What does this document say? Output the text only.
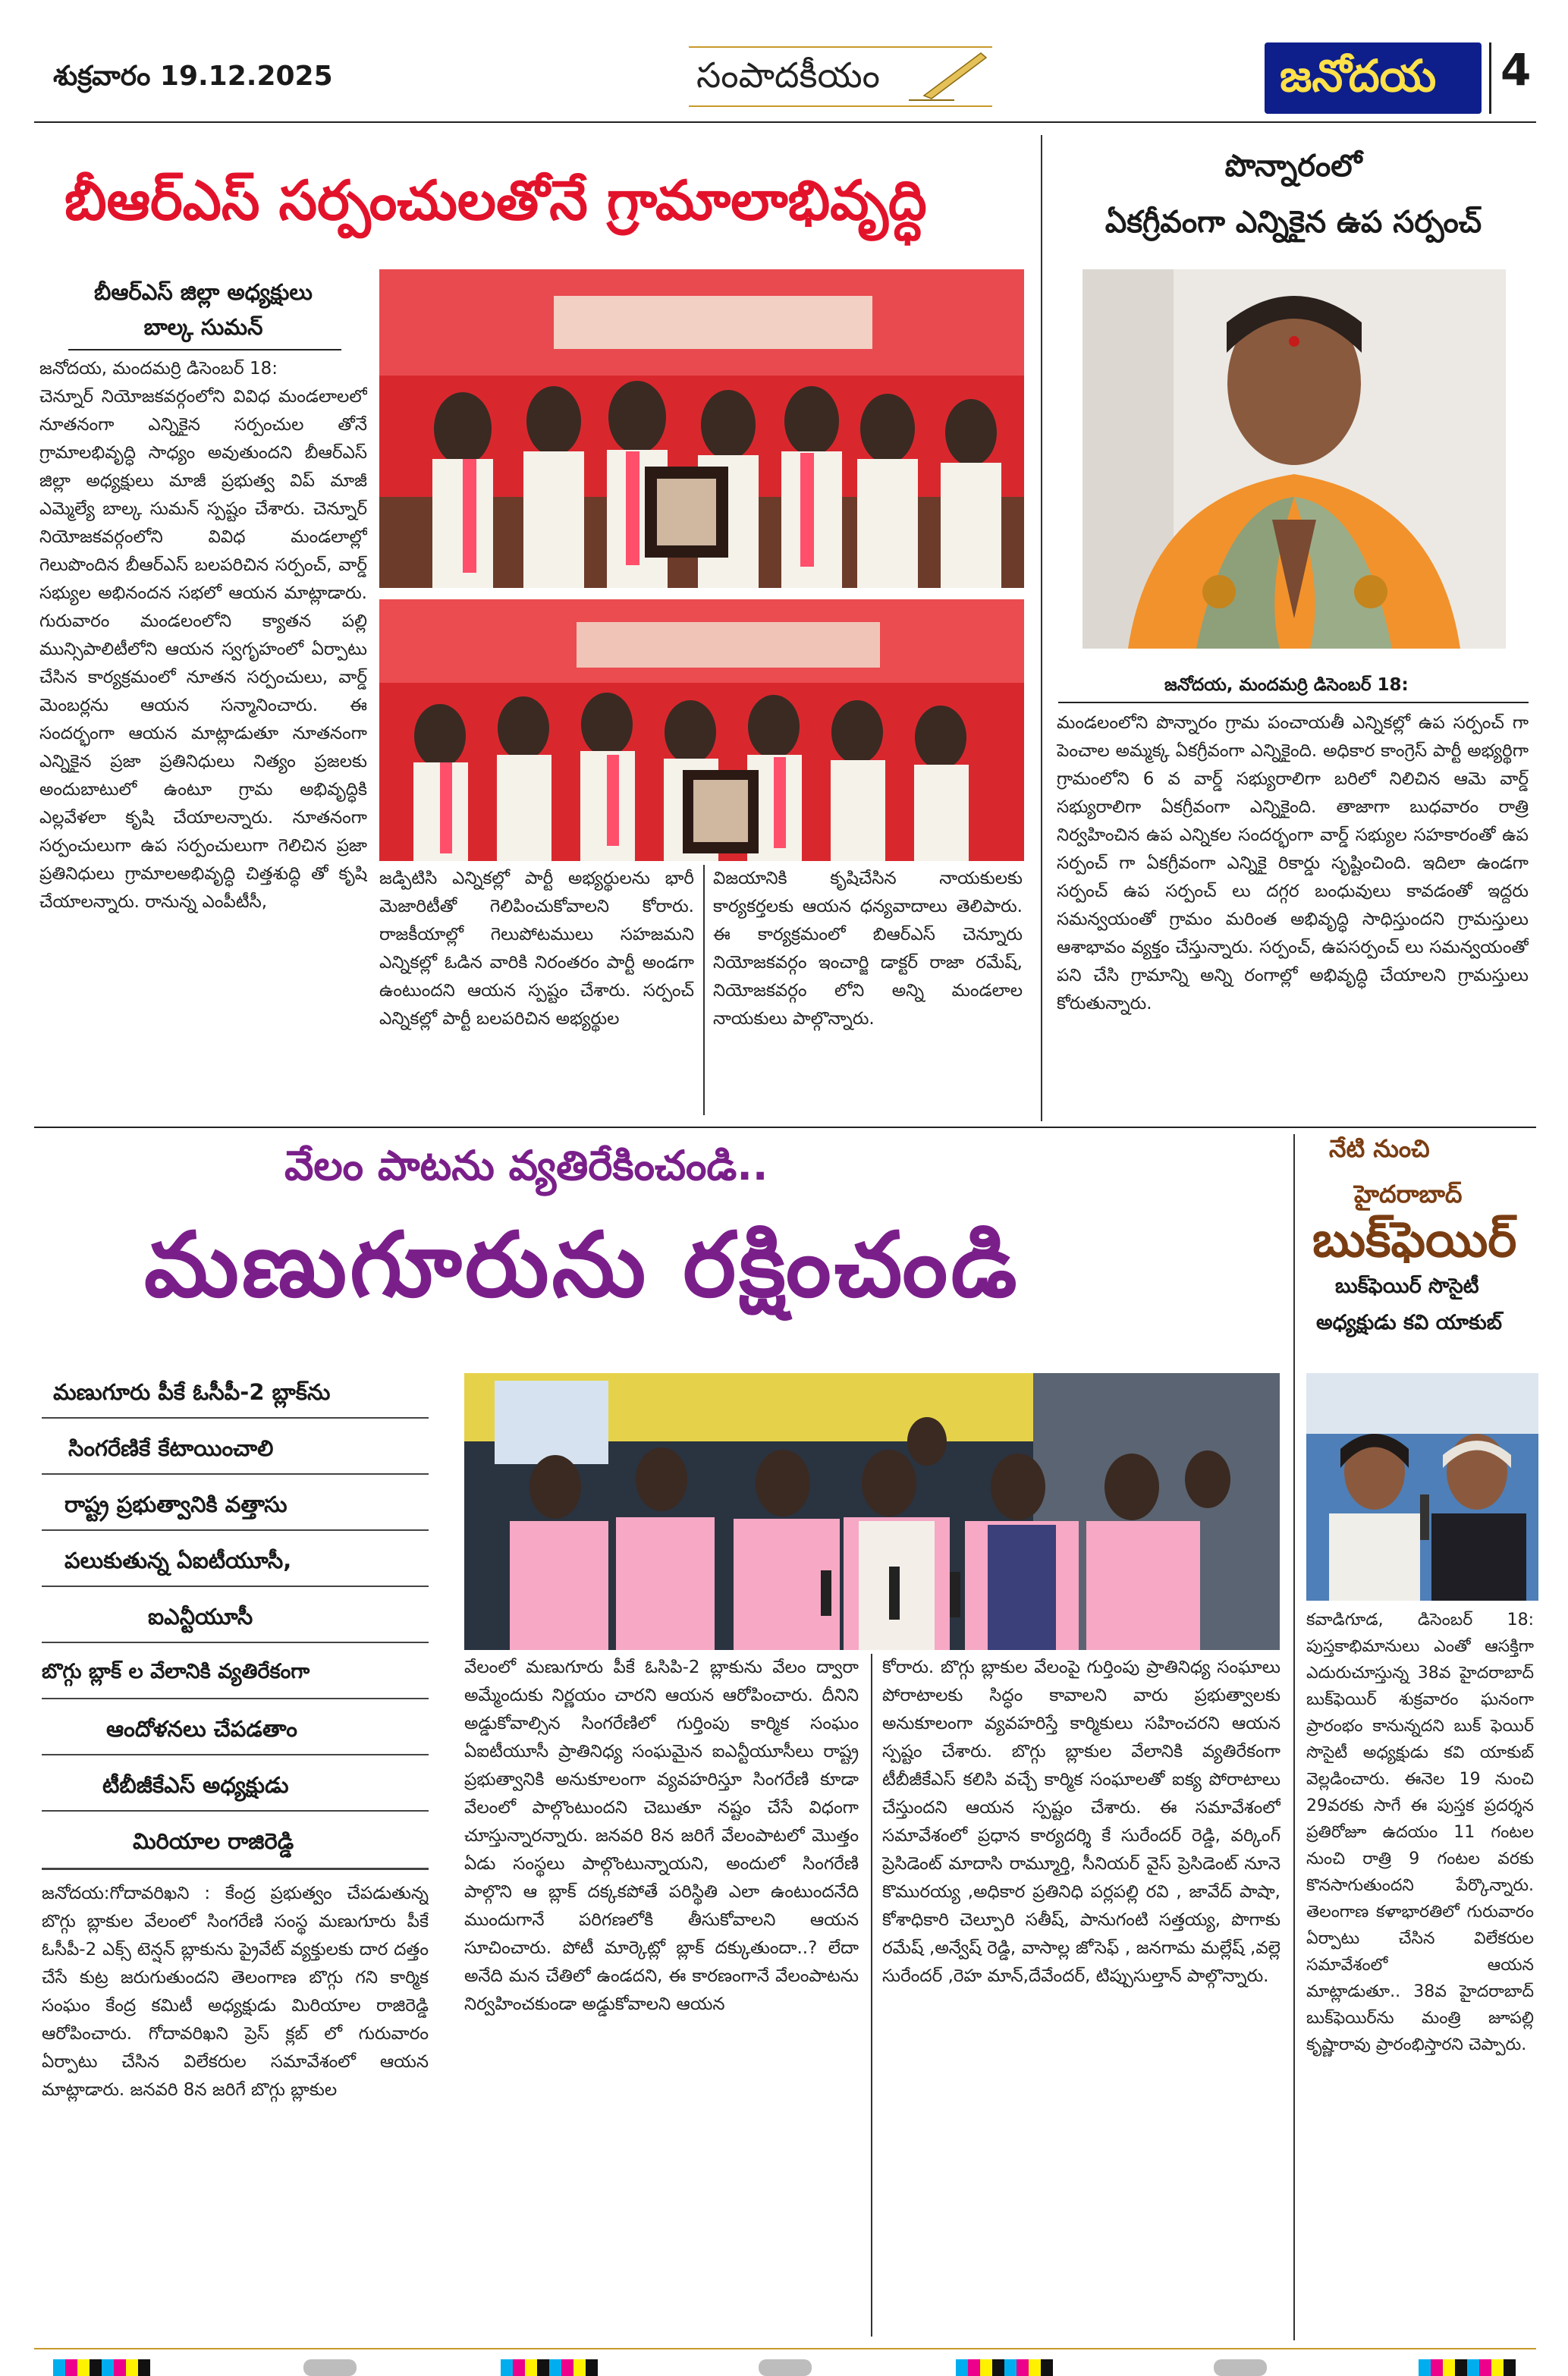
శుక్రవారం 19.12.2025	సంపాదకీయం	జనోదయ 4
బీఆర్ఎస్ సర్పంచులతోనే గ్రామాలాభివృద్ధి
బీఆర్ఎస్ జిల్లా అధ్యక్షులు
బాల్క సుమన్
జనోదయ, మందమర్రి డిసెంబర్ 18:
చెన్నూర్ నియోజకవర్గంలోని వివిధ మండలాలలో నూతనంగా ఎన్నికైన సర్పంచుల తోనే గ్రామాలభివృద్ధి సాధ్యం అవుతుందని బీఆర్ఎస్ జిల్లా అధ్యక్షులు మాజీ ప్రభుత్వ విప్ మాజీ ఎమ్మెల్యే బాల్క సుమన్ స్పష్టం చేశారు. చెన్నూర్ నియోజకవర్గంలోని వివిధ మండలాల్లో గెలుపొందిన బీఆర్ఎస్ బలపరిచిన సర్పంచ్, వార్డ్ సభ్యుల అభినందన సభలో ఆయన మాట్లాడారు. గురువారం మండలంలోని క్యాతన పల్లి మున్సిపాలిటీలోని ఆయన స్వగృహంలో ఏర్పాటు చేసిన కార్యక్రమంలో నూతన సర్పంచులు, వార్డ్ మెంబర్లను ఆయన సన్మానించారు. ఈ సందర్భంగా ఆయన మాట్లాడుతూ నూతనంగా ఎన్నికైన ప్రజా ప్రతినిధులు నిత్యం ప్రజలకు అందుబాటులో ఉంటూ గ్రామ అభివృద్ధికి ఎల్లవేళలా కృషి చేయాలన్నారు. నూతనంగా సర్పంచులుగా ఉప సర్పంచులుగా గెలిచిన ప్రజా ప్రతినిధులు గ్రామాలఅభివృద్ధి చిత్తశుద్ధి తో కృషి చేయాలన్నారు. రానున్న ఎంపీటీసీ,
జడ్పిటిసి ఎన్నికల్లో పార్టీ అభ్యర్థులను భారీ మెజారిటీతో గెలిపించుకోవాలని కోరారు. రాజకీయాల్లో గెలుపోటములు సహజమని ఎన్నికల్లో ఓడిన వారికి నిరంతరం పార్టీ అండగా ఉంటుందని ఆయన స్పష్టం చేశారు. సర్పంచ్ ఎన్నికల్లో పార్టీ బలపరిచిన అభ్యర్థుల
విజయానికి కృషిచేసిన నాయకులకు కార్యకర్తలకు ఆయన ధన్యవాదాలు తెలిపారు. ఈ కార్యక్రమంలో బిఆర్ఎస్ చెన్నూరు నియోజకవర్గం ఇంచార్జి డాక్టర్ రాజా రమేష్, నియోజకవర్గం లోని అన్ని మండలాల నాయకులు పాల్గొన్నారు.
పొన్నారంలో
ఏకగ్రీవంగా ఎన్నికైన ఉప సర్పంచ్
జనోదయ, మందమర్రి డిసెంబర్ 18:
మండలంలోని పొన్నారం గ్రామ పంచాయతీ ఎన్నికల్లో ఉప సర్పంచ్ గా పెంచాల అమ్మక్క ఏకగ్రీవంగా ఎన్నికైంది. అధికార కాంగ్రెస్ పార్టీ అభ్యర్థిగా గ్రామంలోని 6 వ వార్డ్ సభ్యురాలిగా బరిలో నిలిచిన ఆమె వార్డ్ సభ్యురాలిగా ఏకగ్రీవంగా ఎన్నికైంది. తాజాగా బుధవారం రాత్రి నిర్వహించిన ఉప ఎన్నికల సందర్భంగా వార్డ్ సభ్యుల సహకారంతో ఉప సర్పంచ్ గా ఏకగ్రీవంగా ఎన్నికై రికార్డు సృష్టించింది. ఇదిలా ఉండగా సర్పంచ్ ఉప సర్పంచ్ లు దగ్గర బంధువులు కావడంతో ఇద్దరు సమన్వయంతో గ్రామం మరింత అభివృద్ధి సాధిస్తుందని గ్రామస్తులు ఆశాభావం వ్యక్తం చేస్తున్నారు. సర్పంచ్, ఉపసర్పంచ్ లు సమన్వయంతో పని చేసి గ్రామాన్ని అన్ని రంగాల్లో అభివృద్ధి చేయాలని గ్రామస్తులు కోరుతున్నారు.
వేలం పాటను వ్యతిరేకించండి..
మణుగూరును రక్షించండి
మణుగూరు పీకే ఓసీపీ-2 బ్లాక్‌ను
సింగరేణికే కేటాయించాలి
రాష్ట్ర ప్రభుత్వానికి వత్తాసు
పలుకుతున్న ఏఐటీయూసీ,
ఐఎన్టీయూసీ
బొగ్గు బ్లాక్ ల వేలానికి వ్యతిరేకంగా
ఆందోళనలు చేపడతాం
టీబీజీకేఎస్ అధ్యక్షుడు
మిరియాల రాజిరెడ్డి
జనోదయ:గోదావరిఖని : కేంద్ర ప్రభుత్వం చేపడుతున్న బొగ్గు బ్లాకుల వేలంలో సింగరేణి సంస్థ మణుగూరు పీకే ఓసీపీ-2 ఎక్స్ టెన్షన్ బ్లాకును ప్రైవేట్ వ్యక్తులకు దార దత్తం చేసే కుట్ర జరుగుతుందని తెలంగాణ బొగ్గు గని కార్మిక సంఘం కేంద్ర కమిటీ అధ్యక్షుడు మిరియాల రాజిరెడ్డి ఆరోపించారు. గోదావరిఖని ప్రెస్ క్లబ్ లో గురువారం ఏర్పాటు చేసిన విలేకరుల సమావేశంలో ఆయన మాట్లాడారు. జనవరి 8న జరిగే బొగ్గు బ్లాకుల
వేలంలో మణుగూరు పీకే ఓసిపి-2 బ్లాకును వేలం ద్వారా అమ్మేందుకు నిర్ణయం చారని ఆయన ఆరోపించారు. దీనిని అడ్డుకోవాల్సిన సింగరేణిలో గుర్తింపు కార్మిక సంఘం ఏఐటీయూసీ ప్రాతినిధ్య సంఘమైన ఐఎన్టీయూసీలు రాష్ట్ర ప్రభుత్వానికి అనుకూలంగా వ్యవహరిస్తూ సింగరేణి కూడా వేలంలో పాల్గొంటుందని చెబుతూ నష్టం చేసే విధంగా చూస్తున్నారన్నారు. జనవరి 8న జరిగే వేలంపాటలో మొత్తం ఏడు సంస్థలు పాల్గొంటున్నాయని, అందులో సింగరేణి పాల్గొని ఆ బ్లాక్ దక్కకపోతే పరిస్థితి ఎలా ఉంటుందనేది ముందుగానే పరిగణలోకి తీసుకోవాలని ఆయన సూచించారు. పోటీ మార్కెట్లో బ్లాక్ దక్కుతుందా..? లేదా అనేది మన చేతిలో ఉండదని, ఈ కారణంగానే వేలంపాటను నిర్వహించకుండా అడ్డుకోవాలని ఆయన
కోరారు. బొగ్గు బ్లాకుల వేలంపై గుర్తింపు ప్రాతినిధ్య సంఘాలు పోరాటాలకు సిద్ధం కావాలని వారు ప్రభుత్వాలకు అనుకూలంగా వ్యవహరిస్తే కార్మికులు సహించరని ఆయన స్పష్టం చేశారు. బొగ్గు బ్లాకుల వేలానికి వ్యతిరేకంగా టీబీజీకేఎస్ కలిసి వచ్చే కార్మిక సంఘాలతో ఐక్య పోరాటాలు చేస్తుందని ఆయన స్పష్టం చేశారు. ఈ సమావేశంలో సమావేశంలో ప్రధాన కార్యదర్శి కే సురేందర్ రెడ్డి, వర్కింగ్ ప్రెసిడెంట్ మాదాసి రామ్మూర్తి, సీనియర్ వైస్ ప్రెసిడెంట్ నూనె కొమురయ్య ,అధికార ప్రతినిధి పర్లపల్లి రవి , జావేద్ పాషా, కోశాధికారి చెల్పూరి సతీష్, పానుగంటి సత్తయ్య, పొగాకు రమేష్ ,అన్వేష్ రెడ్డి, వాసాల్ల జోసెఫ్ , జనగామ మల్లేష్ ,వల్లె సురేందర్ ,రెహ మాన్,దేవేందర్, టిప్పుసుల్తాన్ పాల్గొన్నారు.
నేటి నుంచి
హైదరాబాద్
బుక్‌ఫెయిర్
బుక్‌ఫెయిర్ సొసైటీ
అధ్యక్షుడు కవి యాకుబ్
కవాడిగూడ, డిసెంబర్ 18: పుస్తకాభిమానులు ఎంతో ఆసక్తిగా ఎదురుచూస్తున్న 38వ హైదరాబాద్ బుక్‌ఫెయిర్ శుక్రవారం ఘనంగా ప్రారంభం కానున్నదని బుక్ ఫెయిర్ సొసైటీ అధ్యక్షుడు కవి యాకుబ్ వెల్లడించారు. ఈనెల 19 నుంచి 29వరకు సాగే ఈ పుస్తక ప్రదర్శన ప్రతిరోజూ ఉదయం 11 గంటల నుంచి రాత్రి 9 గంటల వరకు కొనసాగుతుందని పేర్కొన్నారు. తెలంగాణ కళాభారతిలో గురువారం ఏర్పాటు చేసిన విలేకరుల సమావేశంలో ఆయన మాట్లాడుతూ.. 38వ హైదరాబాద్ బుక్‌ఫెయిర్‌ను మంత్రి జూపల్లి కృష్ణారావు ప్రారంభిస్తారని చెప్పారు.
